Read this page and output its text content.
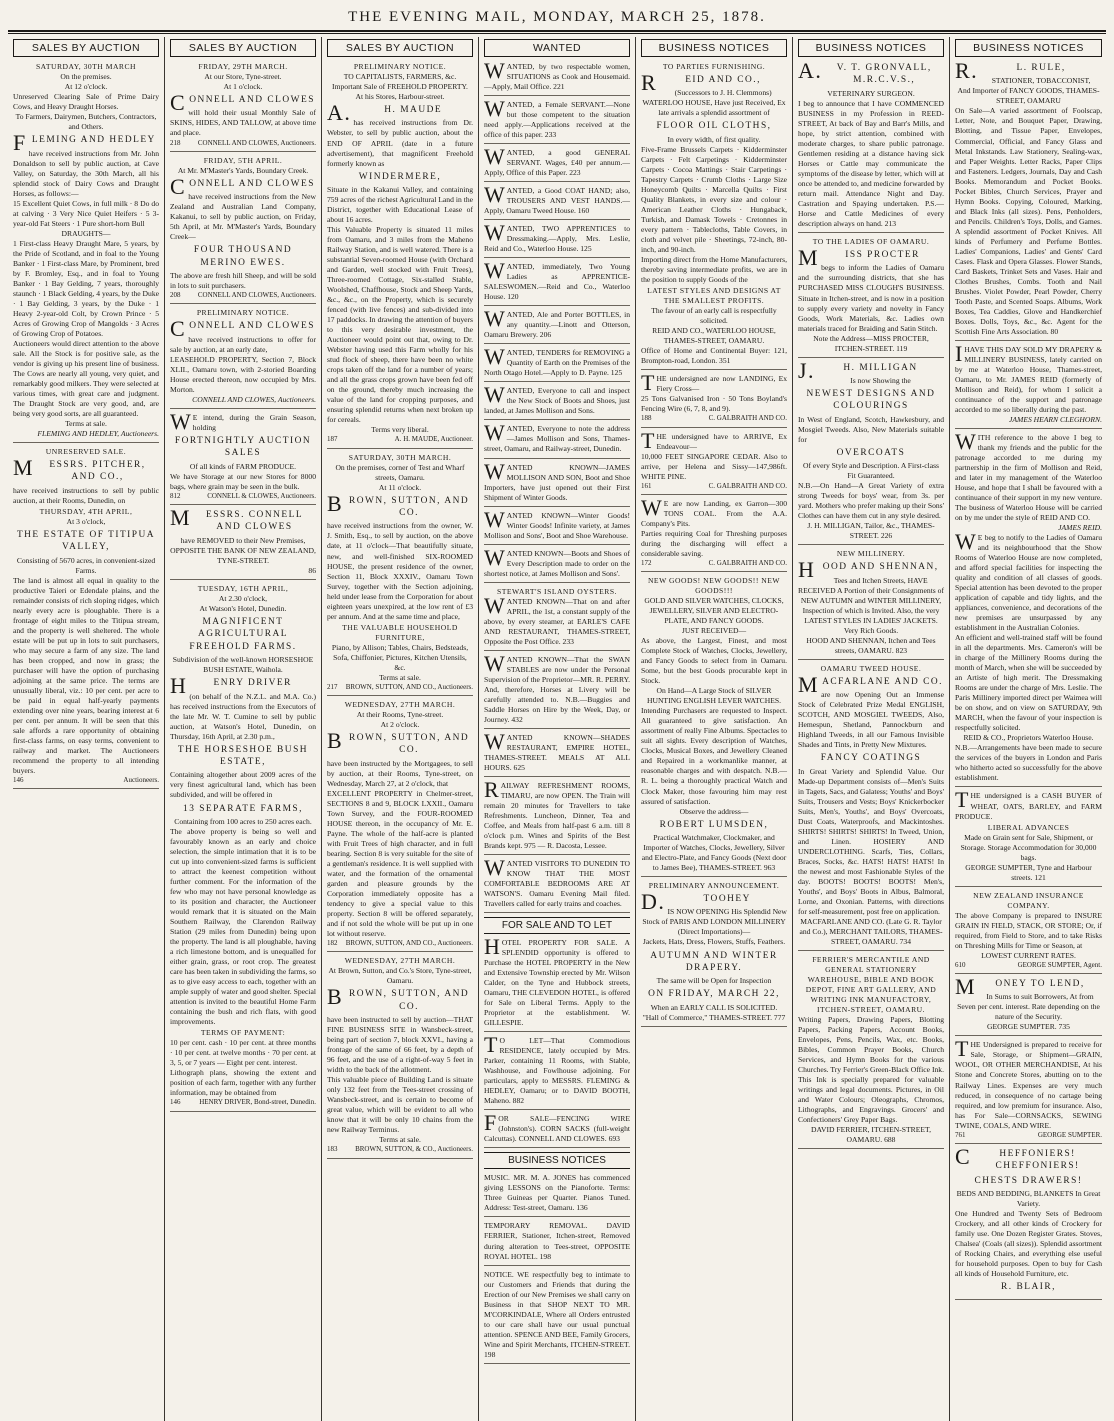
THE EVENING MAIL, MONDAY, MARCH 25, 1878.
SALES BY AUCTION
SATURDAY, 30TH MARCH
On the premises.
At 12 o'clock.
Unreserved Clearing Sale of Prime Dairy Cows, and Heavy Draught Horses.
To Farmers, Dairymen, Butchers, Contractors, and Others.
FLEMING AND HEDLEY
have received instructions from Mr. John Donaldson to sell by public auction, at Cave Valley, on Saturday, the 30th March, all his splendid stock of Dairy Cows and Draught Horses, as follows:—
15 Excellent Quiet Cows, in full milk · 8 Do do at calving · 3 Very Nice Quiet Heifers · 5 3-year-old Fat Steers · 1 Pure short-horn Bull
DRAUGHTS—
1 First-class Heavy Draught Mare, 5 years, by the Pride of Scotland, and in foal to the Young Banker · 1 First-class Mare, by Prominent, bred by F. Bromley, Esq., and in foal to Young Banker · 1 Bay Gelding, 7 years, thoroughly staunch · 1 Black Gelding, 4 years, by the Duke · 1 Bay Gelding, 3 years, by the Duke · 1 Heavy 2-year-old Colt, by Crown Prince · 5 Acres of Growing Crop of Mangolds · 3 Acres of Growing Crop of Potatoes.
Auctioneers would direct attention to the above sale. All the Stock is for positive sale, as the vendor is giving up his present line of business. The Cows are nearly all young, very quiet, and remarkably good milkers. They were selected at various times, with great care and judgment. The Draught Stock are very good, and, are being very good sorts, are all guaranteed.
Terms at sale.
FLEMING AND HEDLEY, Auctioneers.
UNRESERVED SALE.
MESSRS. PITCHER, AND CO.,
have received instructions to sell by public auction, at their Rooms, Dunedin, on
THURSDAY, 4TH APRIL,
At 3 o'clock,
THE ESTATE OF TITIPUA VALLEY,
Consisting of 5670 acres, in convenient-sized Farms.
The land is almost all equal in quality to the productive Taieri or Edendale plains, and the remainder consists of rich sloping ridges, which nearly every acre is ploughable. There is a frontage of eight miles to the Titipua stream, and the property is well sheltered. The whole estate will be put up in lots to suit purchasers, who may secure a farm of any size. The land has been cropped, and now in grass; the purchaser will have the option of purchasing adjoining at the same price. The terms are unusually liberal, viz.: 10 per cent. per acre to be paid in equal half-yearly payments extending over nine years, bearing interest at 6 per cent. per annum. It will be seen that this sale affords a rare opportunity of obtaining first-class farms, on easy terms, convenient to railway and market. The Auctioneers recommend the property to all intending buyers.
146	Auctioneers.
SALES BY AUCTION
FRIDAY, 29TH MARCH.
At our Store, Tyne-street.
At 1 o'clock.
CONNELL AND CLOWES
will hold their usual Monthly Sale of SKINS, HIDES, AND TALLOW, at above time and place.
218 CONNELL AND CLOWES, Auctioneers.
FRIDAY, 5TH APRIL.
At Mr. M'Master's Yards, Boundary Creek.
CONNELL AND CLOWES
have received instructions from the New Zealand and Australian Land Company, Kakanui, to sell by public auction, on Friday, 5th April, at Mr. M'Master's Yards, Boundary Creek—
FOUR THOUSAND MERINO EWES.
The above are fresh hill Sheep, and will be sold in lots to suit purchasers.
208 CONNELL AND CLOWES, Auctioneers.
PRELIMINARY NOTICE.
CONNELL AND CLOWES
have received instructions to offer for sale by auction, at an early date,
LEASEHOLD PROPERTY, Section 7, Block XLII., Oamaru town, with 2-storied Boarding House erected thereon, now occupied by Mrs. Morton.
CONNELL AND CLOWES, Auctioneers.
WE intend, during the Grain Season, holding
FORTNIGHTLY AUCTION SALES
Of all kinds of FARM PRODUCE.
We have Storage at our new Stores for 8000 bags, where grain may be seen in the bulk.
812	CONNELL & CLOWES, Auctioneers.
MESSRS. CONNELL AND CLOWES
have REMOVED to their New Premises,
OPPOSITE THE BANK OF NEW ZEALAND, TYNE-STREET.
86
TUESDAY, 16TH APRIL,
At 2.30 o'clock,
At Watson's Hotel, Dunedin.
MAGNIFICENT AGRICULTURAL FREEHOLD FARMS.
Subdivision of the well-known HORSESHOE BUSH ESTATE, Waihola.
HENRY DRIVER
(on behalf of the N.Z.L. and M.A. Co.) has received instructions from the Executors of the late Mr. W. T. Cumine to sell by public auction, at Watson's Hotel, Dunedin, on Thursday, 16th April, at 2.30 p.m.,
THE HORSESHOE BUSH ESTATE,
Containing altogether about 2009 acres of the very finest agricultural land, which has been subdivided, and will be offered in
13 SEPARATE FARMS,
Containing from 100 acres to 250 acres each.
The above property is being so well and favourably known as an early and choice selection, the simple intimation that it is to be cut up into convenient-sized farms is sufficient to attract the keenest competition without further comment. For the information of the few who may not have personal knowledge as to its position and character, the Auctioneer would remark that it is situated on the Main Southern Railway, the Clarendon Railway Station (29 miles from Dunedin) being upon the property. The land is all ploughable, having a rich limestone bottom, and is unequalled for either grain, grass, or root crop. The greatest care has been taken in subdividing the farms, so as to give easy access to each, together with an ample supply of water and good shelter. Special attention is invited to the beautiful Home Farm containing the bush and rich flats, with good improvements.
TERMS OF PAYMENT:
10 per cent. cash · 10 per cent. at three months · 10 per cent. at twelve months · 70 per cent. at 3, 5, or 7 years — Eight per cent. interest.
Lithograph plans, showing the extent and position of each farm, together with any further information, may be obtained from
146	HENRY DRIVER, Bond-street, Dunedin.
SALES BY AUCTION
PRELIMINARY NOTICE.
TO CAPITALISTS, FARMERS, &c.
Important Sale of FREEHOLD PROPERTY.
At his Stores, Harbour-street.
A.H. MAUDE
has received instructions from Dr. Webster, to sell by public auction, about the END OF APRIL (date in a future advertisement), that magnificent Freehold formerly known as
WINDERMERE,
Situate in the Kakanui Valley, and containing 759 acres of the richest Agricultural Land in the District, together with Educational Lease of about 16 acres.
This Valuable Property is situated 11 miles from Oamaru, and 3 miles from the Maheno Railway Station, and is well watered. There is a substantial Seven-roomed House (with Orchard and Garden, well stocked with Fruit Trees), Three-roomed Cottage, Six-stalled Stable, Woolshed, Chaffhouse, Stock and Sheep Yards, &c., &c., on the Property, which is securely fenced (with live fences) and sub-divided into 17 paddocks. In drawing the attention of buyers to this very desirable investment, the Auctioneer would point out that, owing to Dr. Webster having used this Farm wholly for his stud flock of sheep, there have been no white crops taken off the land for a number of years; and all the grass crops grown have been fed off on the ground, thereby much increasing the value of the land for cropping purposes, and ensuring splendid returns when next broken up for cereals.
Terms very liberal.
187	A. H. MAUDE, Auctioneer.
SATURDAY, 30TH MARCH.
On the premises, corner of Test and Wharf streets, Oamaru.
At 11 o'clock.
BROWN, SUTTON, AND CO.
have received instructions from the owner, W. J. Smith, Esq., to sell by auction, on the above date, at 11 o'clock—That beautifully situate, new, and well-finished SIX-ROOMED HOUSE, the present residence of the owner, Section 11, Block XXXIV., Oamaru Town Survey, together with the Section adjoining, held under lease from the Corporation for about eighteen years unexpired, at the low rent of £3 per annum. And at the same time and place,
THE VALUABLE HOUSEHOLD FURNITURE,
Piano, by Allison; Tables, Chairs, Bedsteads, Sofa, Chiffonier, Pictures, Kitchen Utensils, &c.
Terms at sale.
217 BROWN, SUTTON, AND CO., Auctioneers.
WEDNESDAY, 27TH MARCH.
At their Rooms, Tyne-street.
At 2 o'clock.
BROWN, SUTTON, AND CO.
have been instructed by the Mortgagees, to sell by auction, at their Rooms, Tyne-street, on Wednesday, March 27, at 2 o'clock, that
EXCELLENT PROPERTY in Chelmer-street, SECTIONS 8 and 9, BLOCK LXXII., Oamaru Town Survey, and the FOUR-ROOMED HOUSE thereon, in the occupancy of Mr. E. Payne. The whole of the half-acre is planted with Fruit Trees of high character, and in full bearing. Section 8 is very suitable for the site of a gentleman's residence. It is well supplied with water, and the formation of the ornamental garden and pleasure grounds by the Corporation immediately opposite has a tendency to give a special value to this property. Section 8 will be offered separately, and if not sold the whole will be put up in one lot without reserve.
182 BROWN, SUTTON, AND CO., Auctioneers.
WEDNESDAY, 27TH MARCH.
At Brown, Sutton, and Co.'s Store, Tyne-street, Oamaru.
BROWN, SUTTON, AND CO.
have been instructed to sell by auction—THAT FINE BUSINESS SITE in Wansbeck-street, being part of section 7, block XXVI., having a frontage of the same of 66 feet, by a depth of 96 feet, and the use of a right-of-way 5 feet in width to the back of the allotment.
This valuable piece of Building Land is situate only 132 feet from the Tees-street crossing of Wansbeck-street, and is certain to become of great value, which will be evident to all who know that it will be only 10 chains from the new Railway Terminus.
Terms at sale.
183	BROWN, SUTTON, & CO., Auctioneers.
WANTED
WANTED, by two respectable women, SITUATIONS as Cook and Housemaid.—Apply, Mail Office. 221
WANTED, a Female SERVANT.—None but those competent to the situation need apply.—Applications received at the office of this paper. 233
WANTED, a good GENERAL SERVANT. Wages, £40 per annum.—Apply, Office of this Paper. 223
WANTED, a Good COAT HAND; also, TROUSERS AND VEST HANDS.—Apply, Oamaru Tweed House. 160
WANTED, TWO APPRENTICES to Dressmaking.—Apply, Mrs. Leslie, Reid and Co., Waterloo House. 125
WANTED, immediately, Two Young Ladies as APPRENTICE-SALESWOMEN.—Reid and Co., Waterloo House. 120
WANTED, Ale and Porter BOTTLES, in any quantity.—Linott and Otterson, Oamaru Brewery. 206
WANTED, TENDERS for REMOVING a Quantity of Earth on the Premises of the North Otago Hotel.—Apply to D. Payne. 125
WANTED, Everyone to call and inspect the New Stock of Boots and Shoes, just landed, at James Mollison and Sons.
WANTED, Everyone to note the address—James Mollison and Sons, Thames-street, Oamaru, and Railway-street, Dunedin.
WANTED KNOWN—JAMES MOLLISON AND SON, Boot and Shoe Importers, have just opened out their First Shipment of Winter Goods.
WANTED KNOWN—Winter Goods! Winter Goods! Infinite variety, at James Mollison and Sons', Boot and Shoe Warehouse.
WANTED KNOWN—Boots and Shoes of Every Description made to order on the shortest notice, at James Mollison and Sons'.
STEWART'S ISLAND OYSTERS.
WANTED KNOWN—That on and after APRIL, the 1st, a constant supply of the above, by every steamer, at EARLE'S CAFE AND RESTAURANT, THAMES-STREET, Opposite the Post Office. 233
WANTED KNOWN—That the SWAN STABLES are now under the Personal Supervision of the Proprietor—MR. R. PERRY. And, therefore, Horses at Livery will be carefully attended to. N.B.—Buggies and Saddle Horses on Hire by the Week, Day, or Journey. 432
WANTED KNOWN—SHADES RESTAURANT, EMPIRE HOTEL, THAMES-STREET. MEALS AT ALL HOURS. 625
RAILWAY REFRESHMENT ROOMS, TIMARU, are now OPEN. The Train will remain 20 minutes for Travellers to take Refreshments. Luncheon, Dinner, Tea and Coffee, and Meals from half-past 6 a.m. till 8 o'clock p.m. Wines and Spirits of the Best Brands kept. 975 — R. Dacosta, Lessee.
WANTED VISITORS TO DUNEDIN TO KNOW THAT THE MOST COMFORTABLE BEDROOMS ARE AT WATSON'S. Oamaru Evening Mail filed. Travellers called for early trains and coaches.
FOR SALE AND TO LET
HOTEL PROPERTY FOR SALE. A SPLENDID opportunity is offered to Purchase the HOTEL PROPERTY in the New and Extensive Township erected by Mr. Wilson Calder, on the Tyne and Hubbock streets, Oamaru, THE CLEVEDON HOTEL, is offered for Sale on Liberal Terms. Apply to the Proprietor at the establishment. W. GILLESPIE.
TO LET—That Commodious RESIDENCE, lately occupied by Mrs. Parker, containing 11 Rooms, with Stable, Washhouse, and Fowlhouse adjoining. For particulars, apply to MESSRS. FLEMING & HEDLEY, Oamaru; or to DAVID BOOTH, Maheno. 882
FOR SALE—FENCING WIRE (Johnston's). CORN SACKS (full-weight Calcuttas). CONNELL AND CLOWES. 693
BUSINESS NOTICES
MUSIC. MR. M. A. JONES has commenced giving LESSONS on the Pianoforte. Terms: Three Guineas per Quarter. Pianos Tuned. Address: Test-street, Oamaru. 136
TEMPORARY REMOVAL. DAVID FERRIER, Stationer, Itchen-street, Removed during alteration to Tees-street, OPPOSITE ROYAL HOTEL. 198
NOTICE. WE respectfully beg to intimate to our Customers and Friends that during the Erection of our New Premises we shall carry on Business in that SHOP NEXT TO MR. M'CORKINDALE, Where all Orders entrusted to our care shall have our usual punctual attention. SPENCE AND BEE, Family Grocers, Wine and Spirit Merchants, ITCHEN-STREET. 198
BUSINESS NOTICES
TO PARTIES FURNISHING.
REID AND CO.,
(Successors to J. H. Clemmons) WATERLOO HOUSE, Have just Received, Ex late arrivals a splendid assortment of
FLOOR OIL CLOTHS,
In every width, of first quality.
Five-Frame Brussels Carpets · Kidderminster Carpets · Felt Carpetings · Kidderminster Carpets · Cocoa Mattings · Stair Carpetings · Tapestry Carpets · Crumb Cloths · Large Size Honeycomb Quilts · Marcella Quilts · First Quality Blankets, in every size and colour · American Leather Cloths · Hungaback, Turkish, and Damask Towels · Cretonnes in every pattern · Tablecloths, Table Covers, in cloth and velvet pile · Sheetings, 72-inch, 80-inch, and 90-inch.
Importing direct from the Home Manufacturers, thereby saving intermediate profits, we are in the position to supply Goods of the
LATEST STYLES AND DESIGNS AT THE SMALLEST PROFITS.
The favour of an early call is respectfully solicited.
REID AND CO., WATERLOO HOUSE, THAMES-STREET, OAMARU.
Office of Home and Continental Buyer: 121, Brompton-road, London. 351
THE undersigned are now LANDING, Ex Fiery Cross—
25 Tons Galvanised Iron · 50 Tons Boyland's Fencing Wire (6, 7, 8, and 9).
188	C. GALBRAITH AND CO.
THE undersigned have to ARRIVE, Ex Endeavour—
10,000 FEET SINGAPORE CEDAR. Also to arrive, per Helena and Sissy—147,986ft. WHITE PINE.
161	C. GALBRAITH AND CO.
WE are now Landing, ex Garron—300 TONS COAL. From the A.A. Company's Pits.
Parties requiring Coal for Threshing purposes during the discharging will effect a considerable saving.
172	C. GALBRAITH AND CO.
NEW GOODS! NEW GOODS!! NEW GOODS!!!
GOLD AND SILVER WATCHES, CLOCKS, JEWELLERY, SILVER AND ELECTRO-PLATE, AND FANCY GOODS.
JUST RECEIVED—
As above, the Largest, Finest, and most Complete Stock of Watches, Clocks, Jewellery, and Fancy Goods to select from in Oamaru. Some, but the best Goods procurable kept in Stock.
On Hand—A Large Stock of SILVER HUNTING ENGLISH LEVER WATCHES.
Intending Purchasers are requested to Inspect. All guaranteed to give satisfaction. An assortment of really Fine Albums. Spectacles to suit all sights. Every description of Watches, Clocks, Musical Boxes, and Jewellery Cleaned and Repaired in a workmanlike manner, at reasonable charges and with despatch. N.B.—R. L. being a thoroughly practical Watch and Clock Maker, those favouring him may rest assured of satisfaction.
Observe the address—
ROBERT LUMSDEN,
Practical Watchmaker, Clockmaker, and Importer of Watches, Clocks, Jewellery, Silver and Electro-Plate, and Fancy Goods (Next door to James Bee), THAMES-STREET. 963
PRELIMINARY ANNOUNCEMENT.
D.TOOHEY
IS NOW OPENING His Splendid New Stock of PARIS AND LONDON MILLINERY (Direct Importations)—
Jackets, Hats, Dress, Flowers, Stuffs, Feathers.
AUTUMN AND WINTER DRAPERY.
The same will be Open for Inspection
ON FRIDAY, MARCH 22,
When an EARLY CALL IS SOLICITED.
"Hall of Commerce," THAMES-STREET. 777
BUSINESS NOTICES
A.V. T. GRONVALL, M.R.C.V.S.,
VETERINARY SURGEON.
I beg to announce that I have COMMENCED BUSINESS in my Profession in REED-STREET, At back of Bay and Barr's Mills, and hope, by strict attention, combined with moderate charges, to share public patronage. Gentlemen residing at a distance having sick Horses or Cattle may communicate the symptoms of the disease by letter, which will at once be attended to, and medicine forwarded by return mail. Attendance Night and Day. Castration and Spaying undertaken. P.S.—Horse and Cattle Medicines of every description always on hand. 213
TO THE LADIES OF OAMARU.
MISS PROCTER
begs to inform the Ladies of Oamaru and the surrounding districts, that she has PURCHASED MISS CLOUGH'S BUSINESS. Situate in Itchen-street, and is now in a position to supply every variety and novelty in Fancy Goods, Work Materials, &c. Ladies own materials traced for Braiding and Satin Stitch.
Note the Address—MISS PROCTER, ITCHEN-STREET. 119
J.H. MILLIGAN
Is now Showing the
NEWEST DESIGNS AND COLOURINGS
In West of England, Scotch, Hawkesbury, and Mosgiel Tweeds. Also, New Materials suitable for
OVERCOATS
Of every Style and Description. A First-class Fit Guaranteed.
N.B.—On Hand—A Great Variety of extra strong Tweeds for boys' wear, from 3s. per yard. Mothers who prefer making up their Sons' Clothes can have them cut in any style desired.
J. H. MILLIGAN, Tailor, &c., THAMES-STREET. 226
NEW MILLINERY.
HOOD AND SHENNAN,
Tees and Itchen Streets, HAVE RECEIVED A Portion of their Consignments of NEW AUTUMN and WINTER MILLINERY, Inspection of which is Invited. Also, the very LATEST STYLES IN LADIES' JACKETS. Very Rich Goods.
HOOD AND SHENNAN, Itchen and Tees streets, OAMARU. 823
OAMARU TWEED HOUSE.
MACFARLANE AND CO.
are now Opening Out an Immense Stock of Celebrated Prize Medal ENGLISH, SCOTCH, AND MOSGIEL TWEEDS, Also, Hemespun, Shetland, Pannockburn and Highland Tweeds, in all our Famous Invisible Shades and Tints, in Pretty New Mixtures.
FANCY COATINGS
In Great Variety and Splendid Value. Our Made-up Department consists of—Men's Suits in Tagets, Sacs, and Galatess; Youths' and Boys' Suits, Trousers and Vests; Boys' Knickerbocker Suits, Men's, Youths', and Boys' Overcoats, Dust Coats, Waterproofs, and Mackintoshes. SHIRTS! SHIRTS! SHIRTS! In Tweed, Union, and Linen. HOSIERY AND UNDERCLOTHING. Scarfs, Ties, Collars, Braces, Socks, &c. HATS! HATS! HATS! In the newest and most Fashionable Styles of the day. BOOTS! BOOTS! BOOTS! Men's, Youths', and Boys' Boots in Albus, Balmoral, Lorne, and Oxonian. Patterns, with directions for self-measurement, post free on application.
MACFARLANE AND CO. (Late G. R. Taylor and Co.), MERCHANT TAILORS, THAMES-STREET, OAMARU. 734
FERRIER'S MERCANTILE AND GENERAL STATIONERY WAREHOUSE, BIBLE AND BOOK DEPOT, FINE ART GALLERY, AND WRITING INK MANUFACTORY, ITCHEN-STREET, OAMARU.
Writing Papers, Drawing Papers, Blotting Papers, Packing Papers, Account Books, Envelopes, Pens, Pencils, Wax, etc. Books, Bibles, Common Prayer Books, Church Services, and Hymn Books for the various Churches. Try Ferrier's Green-Black Office Ink. This Ink is specially prepared for valuable writings and legal documents. Pictures, in Oil and Water Colours; Oleographs, Chromos, Lithographs, and Engravings. Grocers' and Confectioners' Grey Paper Bags.
DAVID FERRIER, ITCHEN-STREET, OAMARU. 688
BUSINESS NOTICES
R.L. RULE,
STATIONER, TOBACCONIST,
And Importer of FANCY GOODS, THAMES-STREET, OAMARU
On Sale—A varied assortment of Foolscap, Letter, Note, and Bouquet Paper, Drawing, Blotting, and Tissue Paper, Envelopes, Commercial, Official, and Fancy Glass and Metal Inkstands. Law Stationery, Sealing-wax, and Paper Weights. Letter Racks, Paper Clips and Fasteners. Ledgers, Journals, Day and Cash Books. Memorandum and Pocket Books. Pocket Bibles, Church Services, Prayer and Hymn Books. Copying, Coloured, Marking, and Black Inks (all sizes). Pens, Penholders, and Pencils. Children's Toys, Dolls, and Games. A splendid assortment of Pocket Knives. All kinds of Perfumery and Perfume Bottles. Ladies' Companions, Ladies' and Gents' Card Cases. Flask and Opera Glasses. Flower Stands, Card Baskets, Trinket Sets and Vases. Hair and Clothes Brushes, Combs. Tooth and Nail Brushes. Violet Powder, Pearl Powder, Cherry Tooth Paste, and Scented Soaps. Albums, Work Boxes, Tea Caddies, Glove and Handkerchief Boxes. Dolls, Toys, &c., &c. Agent for the Scottish Fine Arts Association. 80
IHAVE THIS DAY SOLD MY DRAPERY & MILLINERY BUSINESS, lately carried on by me at Waterloo House, Thames-street, Oamaru, to Mr. JAMES REID (formerly of Mollison and Reid), for whom I solicit a continuance of the support and patronage accorded to me so liberally during the past.
JAMES HEARN CLEGHORN.
WITH reference to the above I beg to thank my friends and the public for the patronage accorded to me during my partnership in the firm of Mollison and Reid, and later in my management of the Waterloo House, and hope that I shall be favoured with a continuance of their support in my new venture. The business of Waterloo House will be carried on by me under the style of REID AND CO.
JAMES REID.
WE beg to notify to the Ladies of Oamaru and its neighbourhood that the Show Rooms of Waterloo House are now completed, and afford special facilities for inspecting the quality and condition of all classes of goods. Special attention has been devoted to the proper application of capable and tidy lights, and the appliances, convenience, and decorations of the new premises are unsurpassed by any establishment in the Australian Colonies.
An efficient and well-trained staff will be found in all the departments. Mrs. Cameron's will be in charge of the Millinery Rooms during the month of March, when she will be succeeded by an Artiste of high merit. The Dressmaking Rooms are under the charge of Mrs. Leslie. The Paris Millinery imported direct per Waimea will be on show, and on view on SATURDAY, 9th MARCH, when the favour of your inspection is respectfully solicited.
REID & CO., Proprietors Waterloo House.
N.B.—Arrangements have been made to secure the services of the buyers in London and Paris who hitherto acted so successfully for the above establishment.
THE undersigned is a CASH BUYER of WHEAT, OATS, BARLEY, and FARM PRODUCE.
LIBERAL ADVANCES
Made on Grain sent for Sale, Shipment, or Storage. Storage Accommodation for 30,000 bags.
GEORGE SUMPTER, Tyne and Harbour streets. 121
NEW ZEALAND INSURANCE COMPANY.
The above Company is prepared to INSURE GRAIN IN FIELD, STACK, OR STORE; Or, if required, from Field to Store, and to take Risks on Threshing Mills for Time or Season, at
LOWEST CURRENT RATES.
610	GEORGE SUMPTER, Agent.
MONEY TO LEND,
In Sums to suit Borrowers, At from Seven per cent. interest. Rate depending on the nature of the Security.
GEORGE SUMPTER. 735
THE Undersigned is prepared to receive for Sale, Storage, or Shipment—GRAIN, WOOL, OR OTHER MERCHANDISE, At his Stone and Concrete Stores, abutting on to the Railway Lines. Expenses are very much reduced, in consequence of no cartage being required, and low premium for insurance. Also, has For Sale—CORNSACKS, SEWING TWINE, COALS, AND WIRE.
761	GEORGE SUMPTER.
CHEFFONIERS! CHEFFONIERS!
CHESTS DRAWERS!
BEDS AND BEDDING, BLANKETS In Great Variety.
One Hundred and Twenty Sets of Bedroom Crockery, and all other kinds of Crockery for family use. One Dozen Register Grates. Stoves, Chalsea' (Coals (all sizes)). Splendid assortment of Rocking Chairs, and everything else useful for household purposes. Open to buy for Cash all kinds of Household Furniture, etc.
R. BLAIR,
